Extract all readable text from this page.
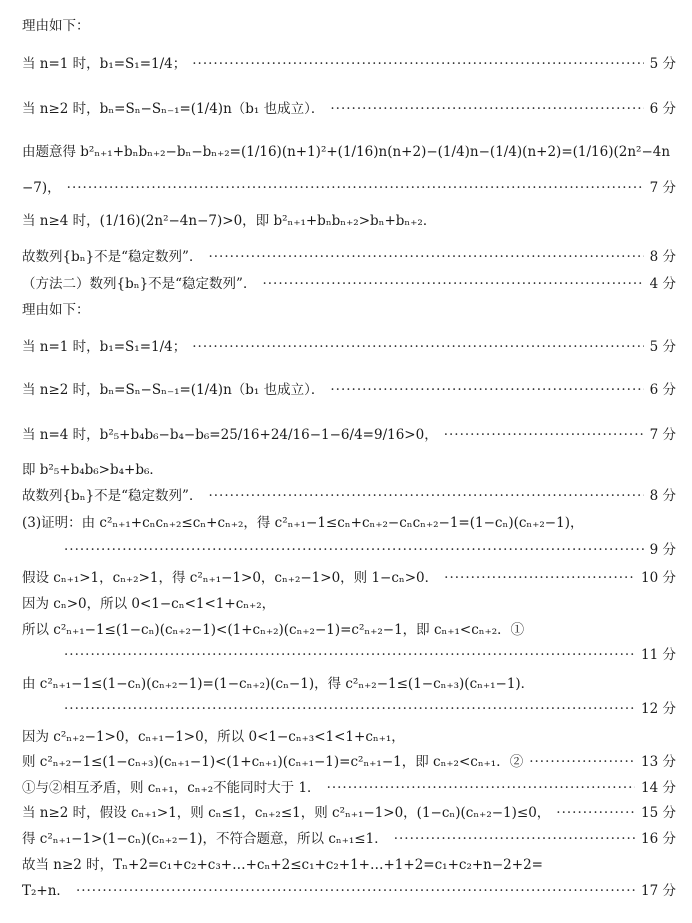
理由如下：
当 n=1 时，b₁=S₁=1/4； ·····	5 分
当 n≥2 时，bₙ=Sₙ−Sₙ₋₁=(1/4)n（b₁ 也成立）． ·····	6 分
由题意得 b²ₙ₊₁+bₙbₙ₊₂−bₙ−bₙ₊₂=(1/16)(n+1)²+(1/16)n(n+2)−(1/4)n−(1/4)(n+2)=(1/16)(2n²−4n
−7)， ·····	7 分
当 n≥4 时，(1/16)(2n²−4n−7)>0，即 b²ₙ₊₁+bₙbₙ₊₂>bₙ+bₙ₊₂．
故数列{bₙ}不是“稳定数列”． ·····	8 分
（方法二）数列{bₙ}不是“稳定数列”． ·····	4 分
理由如下：
当 n=1 时，b₁=S₁=1/4； ·····	5 分
当 n≥2 时，bₙ=Sₙ−Sₙ₋₁=(1/4)n（b₁ 也成立）． ·····	6 分
当 n=4 时，b²₅+b₄b₆−b₄−b₆=25/16+24/16−1−6/4=9/16>0， ·····	7 分
即 b²₅+b₄b₆>b₄+b₆．
故数列{bₙ}不是“稳定数列”． ·····	8 分
(3)证明：由 c²ₙ₊₁+cₙcₙ₊₂≤cₙ+cₙ₊₂，得 c²ₙ₊₁−1≤cₙ+cₙ₊₂−cₙcₙ₊₂−1=(1−cₙ)(cₙ₊₂−1)，
·····
9 分
假设 cₙ₊₁>1，cₙ₊₂>1，得 c²ₙ₊₁−1>0，cₙ₊₂−1>0，则 1−cₙ>0． ·····	10 分
因为 cₙ>0，所以 0<1−cₙ<1<1+cₙ₊₂，
所以 c²ₙ₊₁−1≤(1−cₙ)(cₙ₊₂−1)<(1+cₙ₊₂)(cₙ₊₂−1)=c²ₙ₊₂−1，即 cₙ₊₁<cₙ₊₂．①
·····
11 分
由 c²ₙ₊₁−1≤(1−cₙ)(cₙ₊₂−1)=(1−cₙ₊₂)(cₙ−1)，得 c²ₙ₊₂−1≤(1−cₙ₊₃)(cₙ₊₁−1)．
·····
12 分
因为 c²ₙ₊₂−1>0，cₙ₊₁−1>0，所以 0<1−cₙ₊₃<1<1+cₙ₊₁，
则 c²ₙ₊₂−1≤(1−cₙ₊₃)(cₙ₊₁−1)<(1+cₙ₊₁)(cₙ₊₁−1)=c²ₙ₊₁−1，即 cₙ₊₂<cₙ₊₁．② ·····	13 分
①与②相互矛盾，则 cₙ₊₁，cₙ₊₂不能同时大于 1． ·····	14 分
当 n≥2 时，假设 cₙ₊₁>1，则 cₙ≤1，cₙ₊₂≤1，则 c²ₙ₊₁−1>0，(1−cₙ)(cₙ₊₂−1)≤0， ·····	15 分
得 c²ₙ₊₁−1>(1−cₙ)(cₙ₊₂−1)，不符合题意，所以 cₙ₊₁≤1． ·····	16 分
故当 n≥2 时，Tₙ+2=c₁+c₂+c₃+…+cₙ+2≤c₁+c₂+1+…+1+2=c₁+c₂+n−2+2=
T₂+n． ·····	17 分
